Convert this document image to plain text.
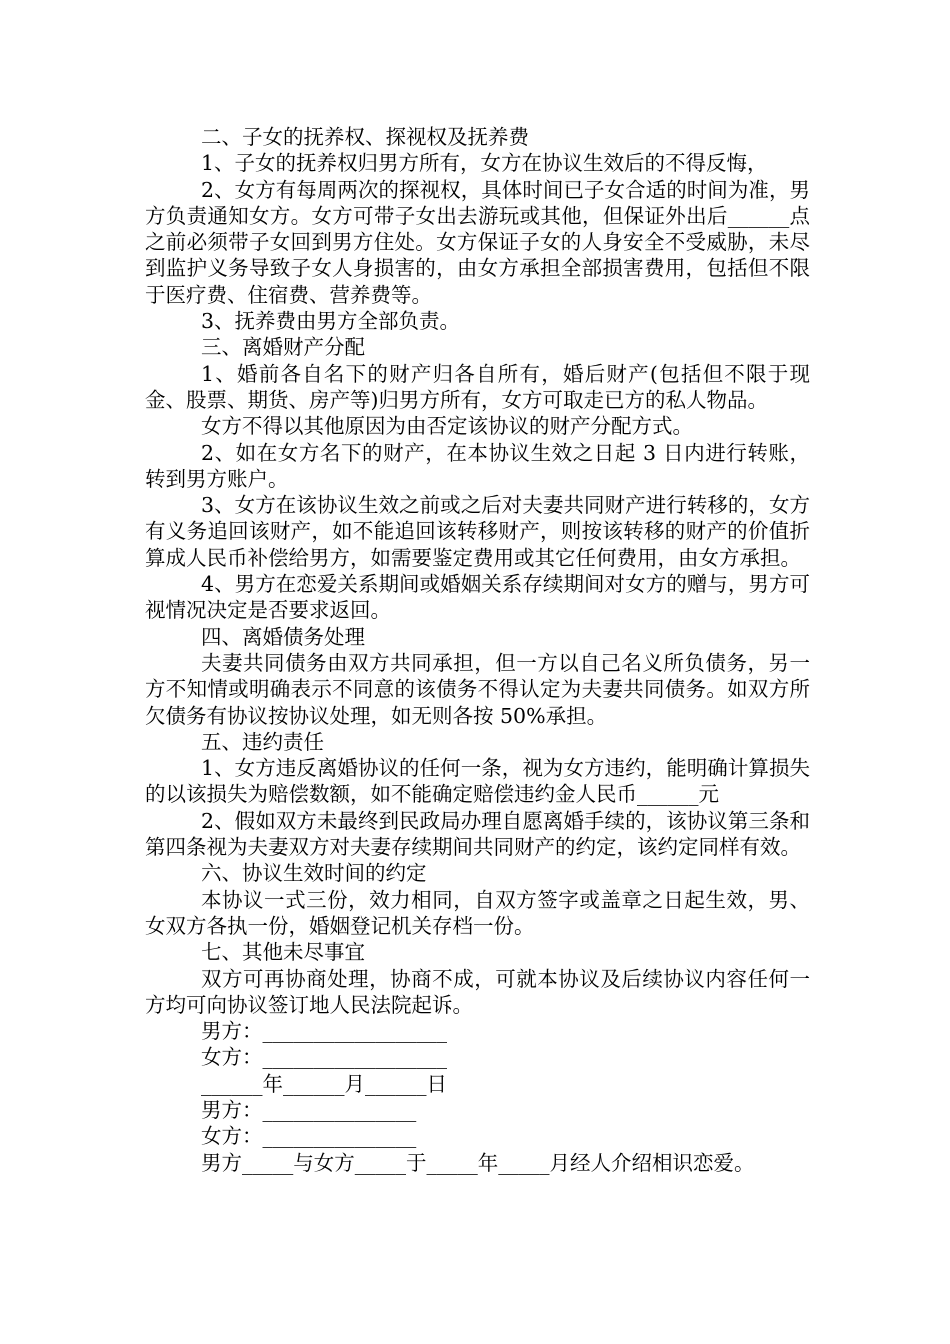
二、子女的抚养权、探视权及抚养费

1、子女的抚养权归男方所有，女方在协议生效后的不得反悔，

2、女方有每周两次的探视权，具体时间已子女合适的时间为准，男方负责通知女方。女方可带子女出去游玩或其他，但保证外出后______点之前必须带子女回到男方住处。女方保证子女的人身安全不受威胁，未尽到监护义务导致子女人身损害的，由女方承担全部损害费用，包括但不限于医疗费、住宿费、营养费等。

3、抚养费由男方全部负责。

三、离婚财产分配

1、婚前各自名下的财产归各自所有，婚后财产(包括但不限于现金、股票、期货、房产等)归男方所有，女方可取走已方的私人物品。

女方不得以其他原因为由否定该协议的财产分配方式。

2、如在女方名下的财产，在本协议生效之日起 3 日内进行转账，转到男方账户。

3、女方在该协议生效之前或之后对夫妻共同财产进行转移的，女方有义务追回该财产，如不能追回该转移财产，则按该转移的财产的价值折算成人民币补偿给男方，如需要鉴定费用或其它任何费用，由女方承担。

4、男方在恋爱关系期间或婚姻关系存续期间对女方的赠与，男方可视情况决定是否要求返回。

四、离婚债务处理

夫妻共同债务由双方共同承担，但一方以自己名义所负债务，另一方不知情或明确表示不同意的该债务不得认定为夫妻共同债务。如双方所欠债务有协议按协议处理，如无则各按 50%承担。

五、违约责任

1、女方违反离婚协议的任何一条，视为女方违约，能明确计算损失的以该损失为赔偿数额，如不能确定赔偿违约金人民币______元

2、假如双方未最终到民政局办理自愿离婚手续的，该协议第三条和第四条视为夫妻双方对夫妻存续期间共同财产的约定，该约定同样有效。

六、协议生效时间的约定

本协议一式三份，效力相同，自双方签字或盖章之日起生效，男、女双方各执一份，婚姻登记机关存档一份。

七、其他未尽事宜

双方可再协商处理，协商不成，可就本协议及后续协议内容任何一方均可向协议签订地人民法院起诉。

男方：__________________

女方：__________________

______年______月______日

男方：_______________

女方：_______________

男方_____与女方_____于_____年_____月经人介绍相识恋爱。
